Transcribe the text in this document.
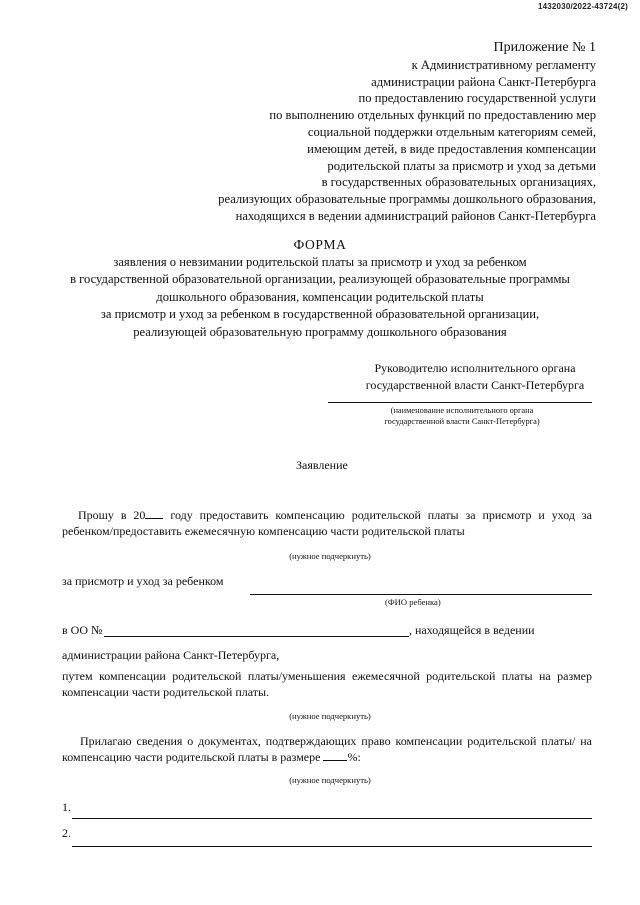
1432030/2022-43724(2)
Приложение № 1
к Административному регламенту
администрации района Санкт-Петербурга
по предоставлению государственной услуги
по выполнению отдельных функций по предоставлению мер
социальной поддержки отдельным категориям семей,
имеющим детей, в виде предоставления компенсации
родительской платы за присмотр и уход за детьми
в государственных образовательных организациях,
реализующих образовательные программы дошкольного образования,
находящихся в ведении администраций районов Санкт-Петербурга
ФОРМА
заявления о невзимании родительской платы за присмотр и уход за ребенком
в государственной образовательной организации, реализующей образовательные программы
дошкольного образования, компенсации родительской платы
за присмотр и уход за ребенком в государственной образовательной организации,
реализующей образовательную программу дошкольного образования
Руководителю исполнительного органа
государственной власти Санкт-Петербурга
(наименование исполнительного органа
государственной власти Санкт-Петербурга)
Заявление
Прошу в 20 году предоставить компенсацию родительской платы за присмотр и уход за ребенком/предоставить ежемесячную компенсацию части родительской платы
(нужное подчеркнуть)
за присмотр и уход за ребенком
(ФИО ребенка)
в ОО №	, находящейся в ведении
администрации района Санкт-Петербурга,
путем компенсации родительской платы/уменьшения ежемесячной родительской платы на размер компенсации части родительской платы.
(нужное подчеркнуть)
Прилагаю сведения о документах, подтверждающих право компенсации родительской платы/ на компенсацию части родительской платы в размере %:
(нужное подчеркнуть)
1.
2.
